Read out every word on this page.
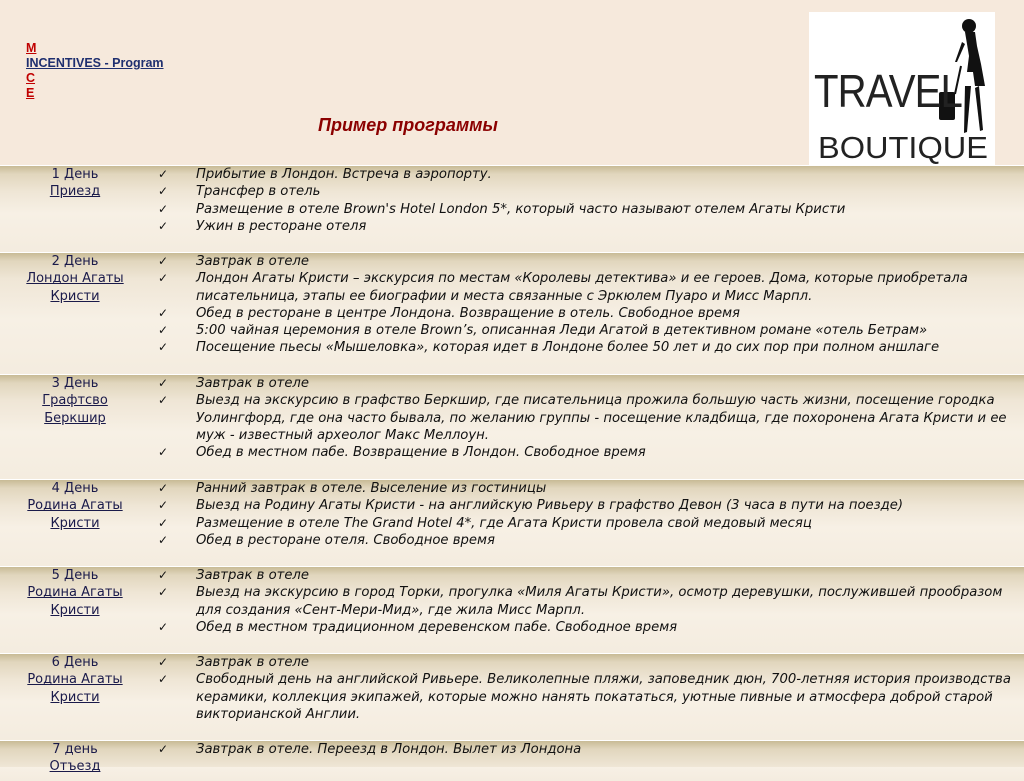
M
INCENTIVES - Program
C
E
Пример программы
TRAVEL
BOUTIQUE
1 День
Приезд
✓ Прибытие в Лондон. Встреча в аэропорту.
✓ Трансфер в отель
✓ Размещение в отеле Brown's Hotel London 5*, который часто называют отелем Агаты Кристи
✓ Ужин в ресторане отеля
2 День
Лондон Агаты Кристи
✓ Завтрак в отеле
✓ Лондон Агаты Кристи – экскурсия по местам «Королевы детектива» и ее героев. Дома, которые приобретала писательница, этапы ее биографии и места связанные с Эркюлем Пуаро и Мисс Марпл.
✓ Обед в ресторане в центре Лондона. Возвращение в отель. Свободное время
✓ 5:00 чайная церемония в отеле Brown’s, описанная Леди Агатой в детективном романе «отель Бетрам»
✓ Посещение пьесы «Мышеловка», которая идет в Лондоне более 50 лет и до сих пор при полном аншлаге
3 День
Графтсво Беркшир
✓ Завтрак в отеле
✓ Выезд на экскурсию в графство Беркшир, где писательница прожила большую часть жизни, посещение городка Уолингфорд, где она часто бывала, по желанию группы - посещение кладбища, где похоронена Агата Кристи и ее муж - известный археолог Макс Меллоун.
✓ Обед в местном пабе. Возвращение в Лондон. Свободное время
4 День
Родина Агаты Кристи
✓ Ранний завтрак в отеле. Выселение из гостиницы
✓ Выезд на Родину Агаты Кристи - на английскую Ривьеру в графство Девон (3 часа в пути на поезде)
✓ Размещение в отеле The Grand Hotel 4*, где Агата Кристи провела свой медовый месяц
✓ Обед в ресторане отеля. Свободное время
5 День
Родина Агаты Кристи
✓ Завтрак в отеле
✓ Выезд на экскурсию в город Торки, прогулка «Миля Агаты Кристи», осмотр деревушки, послужившей прообразом для создания «Сент-Мери-Мид», где жила Мисс Марпл.
✓ Обед в местном традиционном деревенском пабе. Свободное время
6 День
Родина Агаты Кристи
✓ Завтрак в отеле
✓ Свободный день на английской Ривьере. Великолепные пляжи, заповедник дюн, 700-летняя история производства керамики, коллекция экипажей, которые можно нанять покататься, уютные пивные и атмосфера доброй старой викторианской Англии.
7 день
Отъезд
✓ Завтрак в отеле. Переезд в Лондон. Вылет из Лондона
